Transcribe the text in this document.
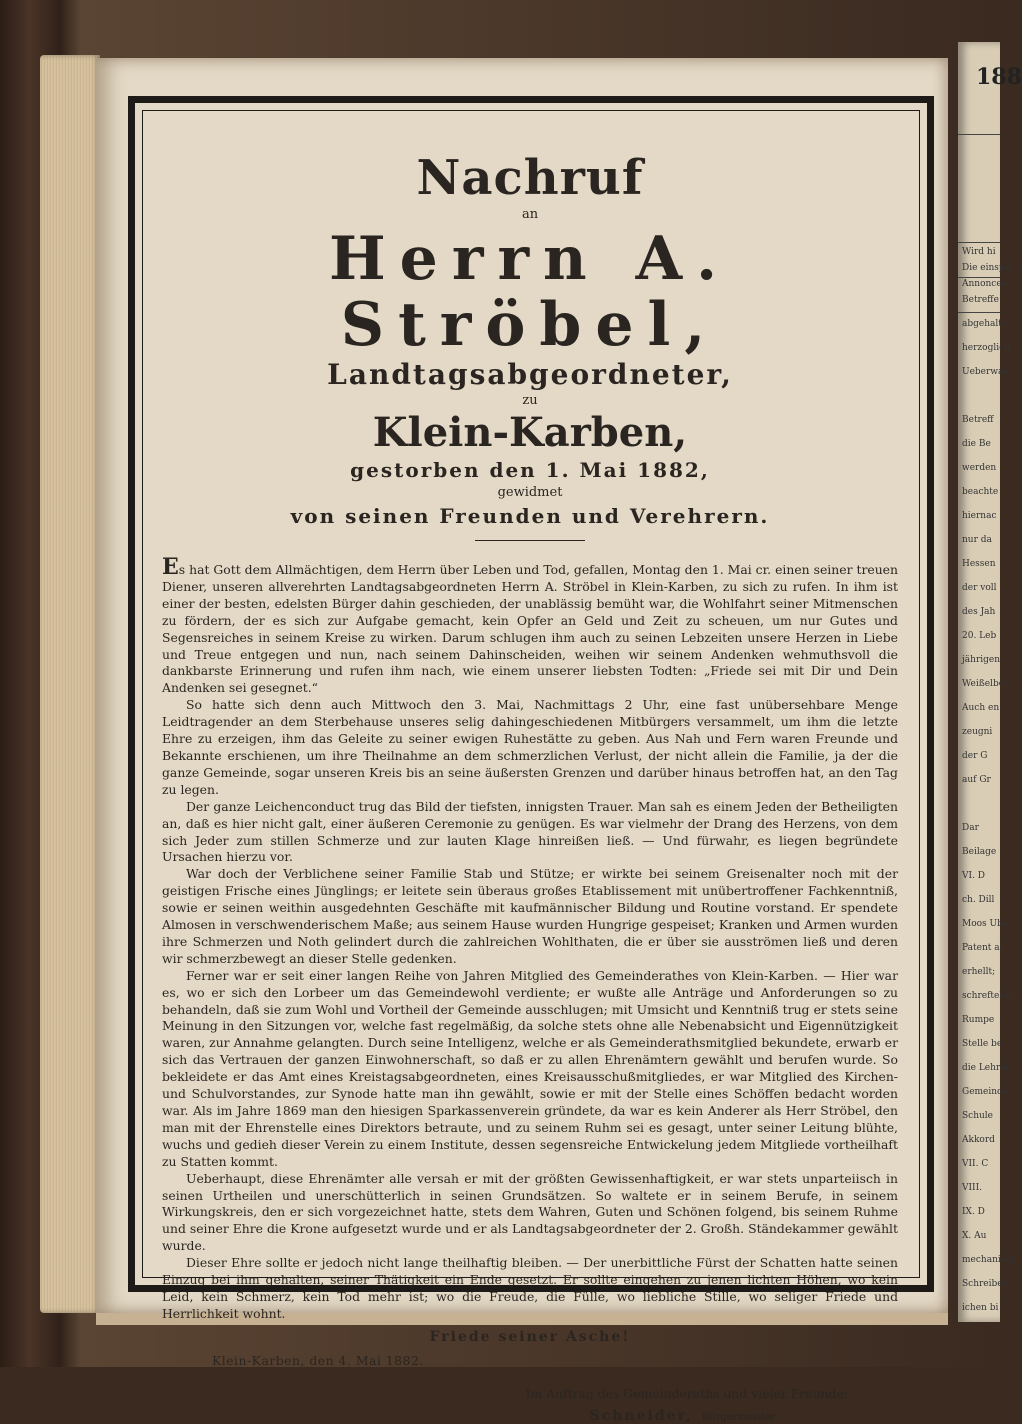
188
Wird hi
Die einspal
Annoncen
Betreffe
abgehalte
herzoglich
Ueberwac
Betreff
die Be
werden
beachte
hiernac
nur da
Hessen
der voll
des Jah
20. Leb
jährigen
Weißelber
Auch en
zeugni
der G
auf Gr
Dar
Beilage
VI. D
ch. Dill
Moos Ube
Patent al
erhellt;
schreftelle
Rumpe
Stelle be
die Lehrer
Gemeinde
Schule
Akkord
VII. C
VIII.
IX. D
X. Au
mechaniker
Schreiber
ichen bi
Nachruf
an
Herrn A. Ströbel,
Landtagsabgeordneter,
zu
Klein-Karben,
gestorben den 1. Mai 1882,
gewidmet
von seinen Freunden und Verehrern.

Es hat Gott dem Allmächtigen, dem Herrn über Leben und Tod, gefallen, Montag den 1. Mai cr. einen seiner treuen Diener, unseren allverehrten Landtagsabgeordneten Herrn A. Ströbel in Klein-Karben, zu sich zu rufen. In ihm ist einer der besten, edelsten Bürger dahin geschieden, der unablässig bemüht war, die Wohlfahrt seiner Mitmenschen zu fördern, der es sich zur Aufgabe gemacht, kein Opfer an Geld und Zeit zu scheuen, um nur Gutes und Segensreiches in seinem Kreise zu wirken. Darum schlugen ihm auch zu seinen Lebzeiten unsere Herzen in Liebe und Treue entgegen und nun, nach seinem Dahinscheiden, weihen wir seinem Andenken wehmuthsvoll die dankbarste Erinnerung und rufen ihm nach, wie einem unserer liebsten Todten: „Friede sei mit Dir und Dein Andenken sei gesegnet.“

So hatte sich denn auch Mittwoch den 3. Mai, Nachmittags 2 Uhr, eine fast unübersehbare Menge Leidtragender an dem Sterbehause unseres selig dahingeschiedenen Mitbürgers versammelt, um ihm die letzte Ehre zu erzeigen, ihm das Geleite zu seiner ewigen Ruhestätte zu geben. Aus Nah und Fern waren Freunde und Bekannte erschienen, um ihre Theilnahme an dem schmerzlichen Verlust, der nicht allein die Familie, ja der die ganze Gemeinde, sogar unseren Kreis bis an seine äußersten Grenzen und darüber hinaus betroffen hat, an den Tag zu legen.

Der ganze Leichenconduct trug das Bild der tiefsten, innigsten Trauer. Man sah es einem Jeden der Betheiligten an, daß es hier nicht galt, einer äußeren Ceremonie zu genügen. Es war vielmehr der Drang des Herzens, von dem sich Jeder zum stillen Schmerze und zur lauten Klage hinreißen ließ. — Und fürwahr, es liegen begründete Ursachen hierzu vor.

War doch der Verblichene seiner Familie Stab und Stütze; er wirkte bei seinem Greisenalter noch mit der geistigen Frische eines Jünglings; er leitete sein überaus großes Etablissement mit unübertroffener Fachkenntniß, sowie er seinen weithin ausgedehnten Geschäfte mit kaufmännischer Bildung und Routine vorstand. Er spendete Almosen in verschwenderischem Maße; aus seinem Hause wurden Hungrige gespeiset; Kranken und Armen wurden ihre Schmerzen und Noth gelindert durch die zahlreichen Wohlthaten, die er über sie ausströmen ließ und deren wir schmerzbewegt an dieser Stelle gedenken.

Ferner war er seit einer langen Reihe von Jahren Mitglied des Gemeinderathes von Klein-Karben. — Hier war es, wo er sich den Lorbeer um das Gemeindewohl verdiente; er wußte alle Anträge und Anforderungen so zu behandeln, daß sie zum Wohl und Vortheil der Gemeinde ausschlugen; mit Umsicht und Kenntniß trug er stets seine Meinung in den Sitzungen vor, welche fast regelmäßig, da solche stets ohne alle Nebenabsicht und Eigennützigkeit waren, zur Annahme gelangten. Durch seine Intelligenz, welche er als Gemeinderathsmitglied bekundete, erwarb er sich das Vertrauen der ganzen Einwohnerschaft, so daß er zu allen Ehrenämtern gewählt und berufen wurde. So bekleidete er das Amt eines Kreistagsabgeordneten, eines Kreisausschußmitgliedes, er war Mitglied des Kirchen- und Schulvorstandes, zur Synode hatte man ihn gewählt, sowie er mit der Stelle eines Schöffen bedacht worden war. Als im Jahre 1869 man den hiesigen Sparkassenverein gründete, da war es kein Anderer als Herr Ströbel, den man mit der Ehrenstelle eines Direktors betraute, und zu seinem Ruhm sei es gesagt, unter seiner Leitung blühte, wuchs und gedieh dieser Verein zu einem Institute, dessen segensreiche Entwickelung jedem Mitgliede vortheilhaft zu Statten kommt.

Ueberhaupt, diese Ehrenämter alle versah er mit der größten Gewissenhaftigkeit, er war stets unparteiisch in seinen Urtheilen und unerschütterlich in seinen Grundsätzen. So waltete er in seinem Berufe, in seinem Wirkungskreis, den er sich vorgezeichnet hatte, stets dem Wahren, Guten und Schönen folgend, bis seinem Ruhme und seiner Ehre die Krone aufgesetzt wurde und er als Landtagsabgeordneter der 2. Großh. Ständekammer gewählt wurde.

Dieser Ehre sollte er jedoch nicht lange theilhaftig bleiben. — Der unerbittliche Fürst der Schatten hatte seinen Einzug bei ihm gehalten, seiner Thätigkeit ein Ende gesetzt. Er sollte eingehen zu jenen lichten Höhen, wo kein Leid, kein Schmerz, kein Tod mehr ist; wo die Freude, die Fülle, wo liebliche Stille, wo seliger Friede und Herrlichkeit wohnt.

Friede seiner Asche!
Klein-Karben, den 4. Mai 1882.
Im Auftrag des Gemeinderaths und vieler Freunde:
Schneider, Bürgermeister.
